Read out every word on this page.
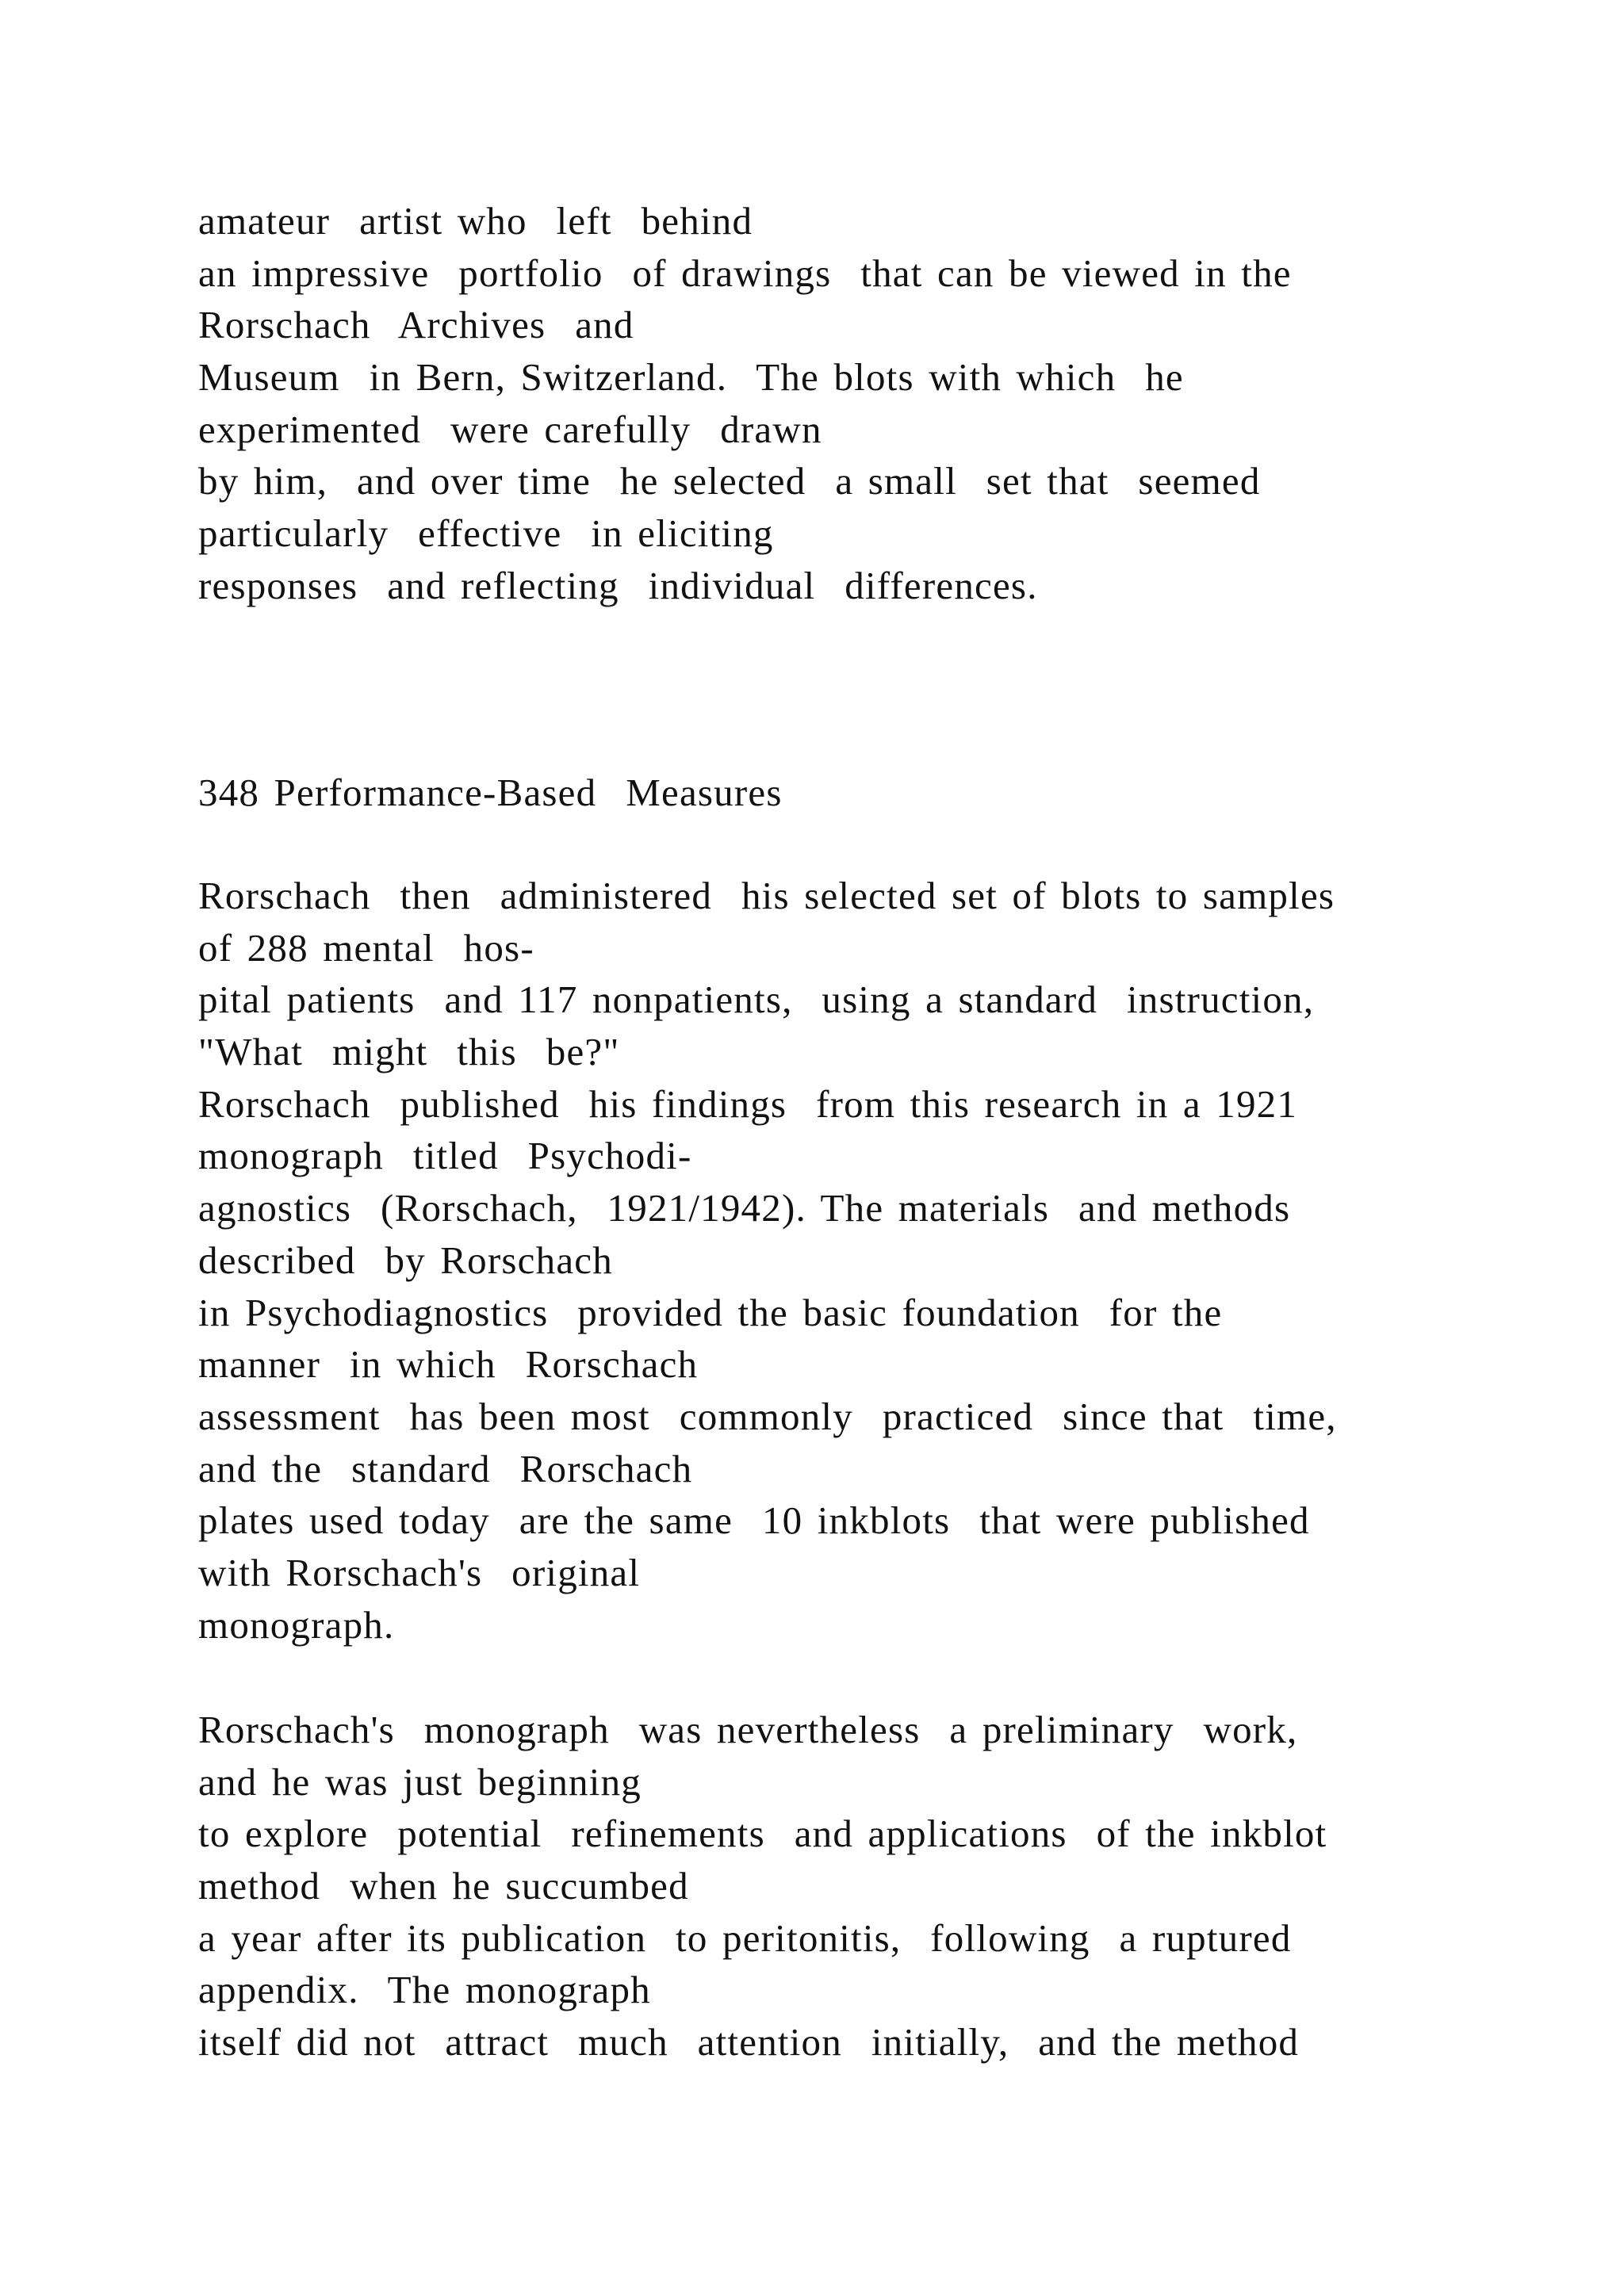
amateur  artist who  left  behind
an impressive  portfolio  of drawings  that can be viewed in the
Rorschach  Archives  and
Museum  in Bern, Switzerland.  The blots with which  he
experimented  were carefully  drawn
by him,  and over time  he selected  a small  set that  seemed
particularly  effective  in eliciting
responses  and reflecting  individual  differences.
348 Performance-Based  Measures
Rorschach  then  administered  his selected set of blots to samples
of 288 mental  hos-
pital patients  and 117 nonpatients,  using a standard  instruction,
"What  might  this  be?"
Rorschach  published  his findings  from this research in a 1921
monograph  titled  Psychodi-
agnostics  (Rorschach,  1921/1942). The materials  and methods
described  by Rorschach
in Psychodiagnostics  provided the basic foundation  for the
manner  in which  Rorschach
assessment  has been most  commonly  practiced  since that  time,
and the  standard  Rorschach
plates used today  are the same  10 inkblots  that were published
with Rorschach's  original
monograph.
Rorschach's  monograph  was nevertheless  a preliminary  work,
and he was just beginning
to explore  potential  refinements  and applications  of the inkblot
method  when he succumbed
a year after its publication  to peritonitis,  following  a ruptured
appendix.  The monograph
itself did not  attract  much  attention  initially,  and the method
